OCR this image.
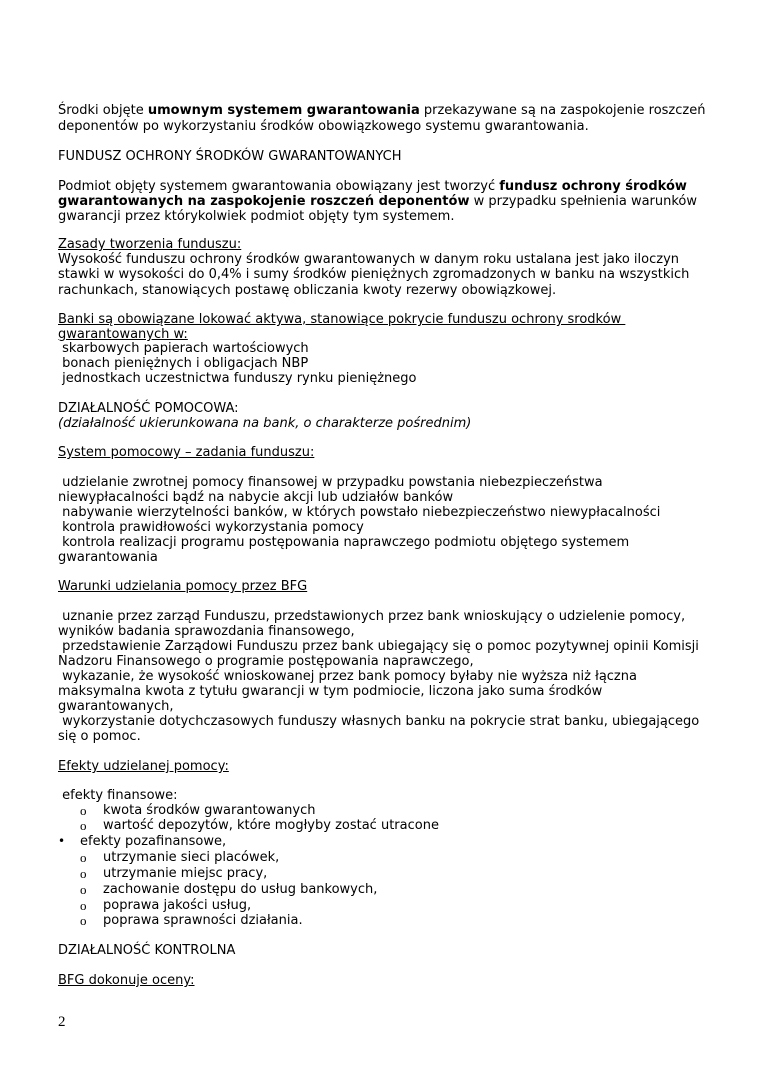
Środki objęte umownym systemem gwarantowania przekazywane są na zaspokojenie roszczeń

deponentów po wykorzystaniu środków obowiązkowego systemu gwarantowania.

FUNDUSZ OCHRONY ŚRODKÓW GWARANTOWANYCH

Podmiot objęty systemem gwarantowania obowiązany jest tworzyć fundusz ochrony środków

gwarantowanych na zaspokojenie roszczeń deponentów w przypadku spełnienia warunków

gwarancji przez którykolwiek podmiot objęty tym systemem.

Zasady tworzenia funduszu:

Wysokość funduszu ochrony środków gwarantowanych w danym roku ustalana jest jako iloczyn

stawki w wysokości do 0,4% i sumy środków pieniężnych zgromadzonych w banku na wszystkich

rachunkach, stanowiących postawę obliczania kwoty rezerwy obowiązkowej.

Banki są obowiązane lokować aktywa, stanowiące pokrycie funduszu ochrony srodków

gwarantowanych w:

skarbowych papierach wartościowych

bonach pieniężnych i obligacjach NBP

jednostkach uczestnictwa funduszy rynku pieniężnego

DZIAŁALNOŚĆ POMOCOWA:

(działalność ukierunkowana na bank, o charakterze pośrednim)

System pomocowy – zadania funduszu:

udzielanie zwrotnej pomocy finansowej w przypadku powstania niebezpieczeństwa

niewypłacalności bądź na nabycie akcji lub udziałów banków

nabywanie wierzytelności banków, w których powstało niebezpieczeństwo niewypłacalności

kontrola prawidłowości wykorzystania pomocy

kontrola realizacji programu postępowania naprawczego podmiotu objętego systemem

gwarantowania

Warunki udzielania pomocy przez BFG

uznanie przez zarząd Funduszu, przedstawionych przez bank wnioskujący o udzielenie pomocy,

wyników badania sprawozdania finansowego,

przedstawienie Zarządowi Funduszu przez bank ubiegający się o pomoc pozytywnej opinii Komisji

Nadzoru Finansowego o programie postępowania naprawczego,

wykazanie, że wysokość wnioskowanej przez bank pomocy byłaby nie wyższa niż łączna

maksymalna kwota z tytułu gwarancji w tym podmiocie, liczona jako suma środków

gwarantowanych,

wykorzystanie dotychczasowych funduszy własnych banku na pokrycie strat banku, ubiegającego

się o pomoc.

Efekty udzielanej pomocy:

efekty finansowe:

o kwota środków gwarantowanych

o wartość depozytów, które mogłyby zostać utracone

• efekty pozafinansowe,

o utrzymanie sieci placówek,

o utrzymanie miejsc pracy,

o zachowanie dostępu do usług bankowych,

o poprawa jakości usług,

o poprawa sprawności działania.

DZIAŁALNOŚĆ KONTROLNA

BFG dokonuje oceny:

2
